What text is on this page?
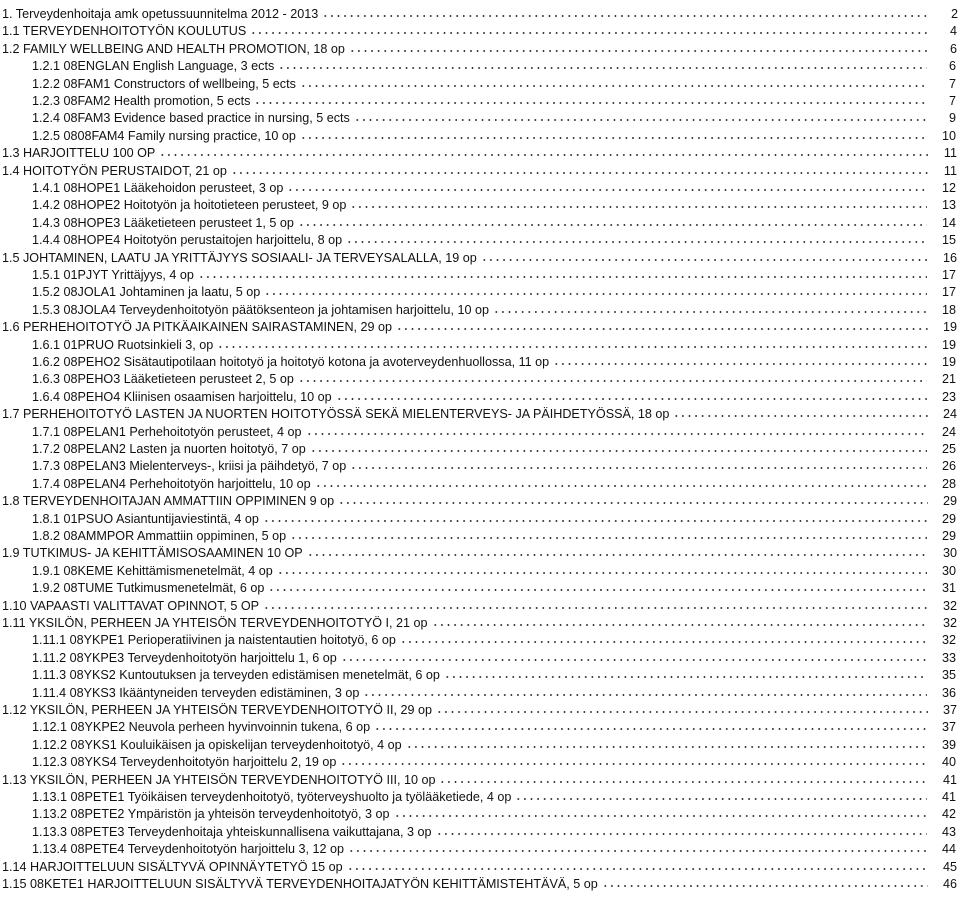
1. Terveydenhoitaja amk opetussuunnitelma 2012 - 2013	2
1.1 TERVEYDENHOITOTYÖN KOULUTUS	4
1.2 FAMILY WELLBEING AND HEALTH PROMOTION, 18 op	6
1.2.1 08ENGLAN English Language, 3 ects	6
1.2.2 08FAM1 Constructors of wellbeing, 5 ects	7
1.2.3 08FAM2 Health promotion, 5 ects	7
1.2.4 08FAM3 Evidence based practice in nursing, 5 ects	9
1.2.5 0808FAM4 Family nursing practice, 10 op	10
1.3 HARJOITTELU 100 OP	11
1.4 HOITOTYÖN PERUSTAIDOT, 21 op	11
1.4.1 08HOPE1 Lääkehoidon perusteet, 3 op	12
1.4.2 08HOPE2 Hoitotyön ja hoitotieteen perusteet, 9 op	13
1.4.3 08HOPE3 Lääketieteen perusteet 1, 5 op	14
1.4.4 08HOPE4 Hoitotyön perustaitojen harjoittelu, 8 op	15
1.5 JOHTAMINEN, LAATU JA YRITTÄJYYS SOSIAALI- JA TERVEYSALALLA, 19 op	16
1.5.1 01PJYT Yrittäjyys, 4 op	17
1.5.2 08JOLA1 Johtaminen ja laatu, 5 op	17
1.5.3 08JOLA4 Terveydenhoitotyön päätöksenteon ja johtamisen harjoittelu, 10 op	18
1.6 PERHEHOITOTYÖ JA PITKÄAIKAINEN SAIRASTAMINEN, 29 op	19
1.6.1 01PRUO Ruotsinkieli 3, op	19
1.6.2 08PEHO2 Sisätautipotilaan hoitotyö ja hoitotyö kotona ja avoterveydenhuollossa, 11 op	19
1.6.3 08PEHO3 Lääketieteen perusteet 2, 5 op	21
1.6.4 08PEHO4 Kliinisen osaamisen harjoittelu, 10 op	23
1.7 PERHEHOITOTYÖ LASTEN JA NUORTEN HOITOTYÖSSÄ SEKÄ MIELENTERVEYS- JA PÄIHDETYÖSSÄ, 18 op	24
1.7.1 08PELAN1 Perhehoitotyön perusteet, 4 op	24
1.7.2 08PELAN2 Lasten ja nuorten hoitotyö, 7 op	25
1.7.3 08PELAN3 Mielenterveys-, kriisi ja päihdetyö, 7 op	26
1.7.4 08PELAN4 Perhehoitotyön harjoittelu, 10 op	28
1.8 TERVEYDENHOITAJAN AMMATTIIN OPPIMINEN 9 op	29
1.8.1 01PSUO Asiantuntijaviestintä, 4 op	29
1.8.2 08AMMPOR Ammattiin oppiminen, 5 op	29
1.9 TUTKIMUS- JA KEHITTÄMISOSAAMINEN 10 OP	30
1.9.1 08KEME Kehittämismenetelmät, 4 op	30
1.9.2 08TUME Tutkimusmenetelmät, 6 op	31
1.10 VAPAASTI VALITTAVAT OPINNOT, 5 OP	32
1.11 YKSILÖN, PERHEEN JA YHTEISÖN TERVEYDENHOITOTYÖ I, 21 op	32
1.11.1 08YKPE1 Perioperatiivinen ja naistentautien hoitotyö, 6 op	32
1.11.2 08YKPE3 Terveydenhoitotyön harjoittelu 1, 6 op	33
1.11.3 08YKS2 Kuntoutuksen ja terveyden edistämisen menetelmät, 6 op	35
1.11.4 08YKS3 Ikääntyneiden terveyden edistäminen, 3 op	36
1.12 YKSILÖN, PERHEEN JA YHTEISÖN TERVEYDENHOITOTYÖ II, 29 op	37
1.12.1 08YKPE2 Neuvola perheen hyvinvoinnin tukena, 6 op	37
1.12.2 08YKS1 Kouluikäisen ja opiskelijan terveydenhoitotyö, 4 op	39
1.12.3 08YKS4 Terveydenhoitotyön harjoittelu 2, 19 op	40
1.13 YKSILÖN, PERHEEN JA YHTEISÖN TERVEYDENHOITOTYÖ III, 10 op	41
1.13.1 08PETE1 Työikäisen terveydenhoitotyö, työterveyshuolto ja työlääketiede, 4 op	41
1.13.2 08PETE2 Ympäristön ja yhteisön terveydenhoitotyö, 3 op	42
1.13.3 08PETE3 Terveydenhoitaja yhteiskunnallisena vaikuttajana, 3 op	43
1.13.4 08PETE4 Terveydenhoitotyön harjoittelu 3, 12 op	44
1.14 HARJOITTELUUN SISÄLTYVÄ OPINNÄYTETYÖ 15 op	45
1.15 08KETE1 HARJOITTELUUN SISÄLTYVÄ TERVEYDENHOITAJATYÖN KEHITTÄMISTEHTÄVÄ, 5 op	46
